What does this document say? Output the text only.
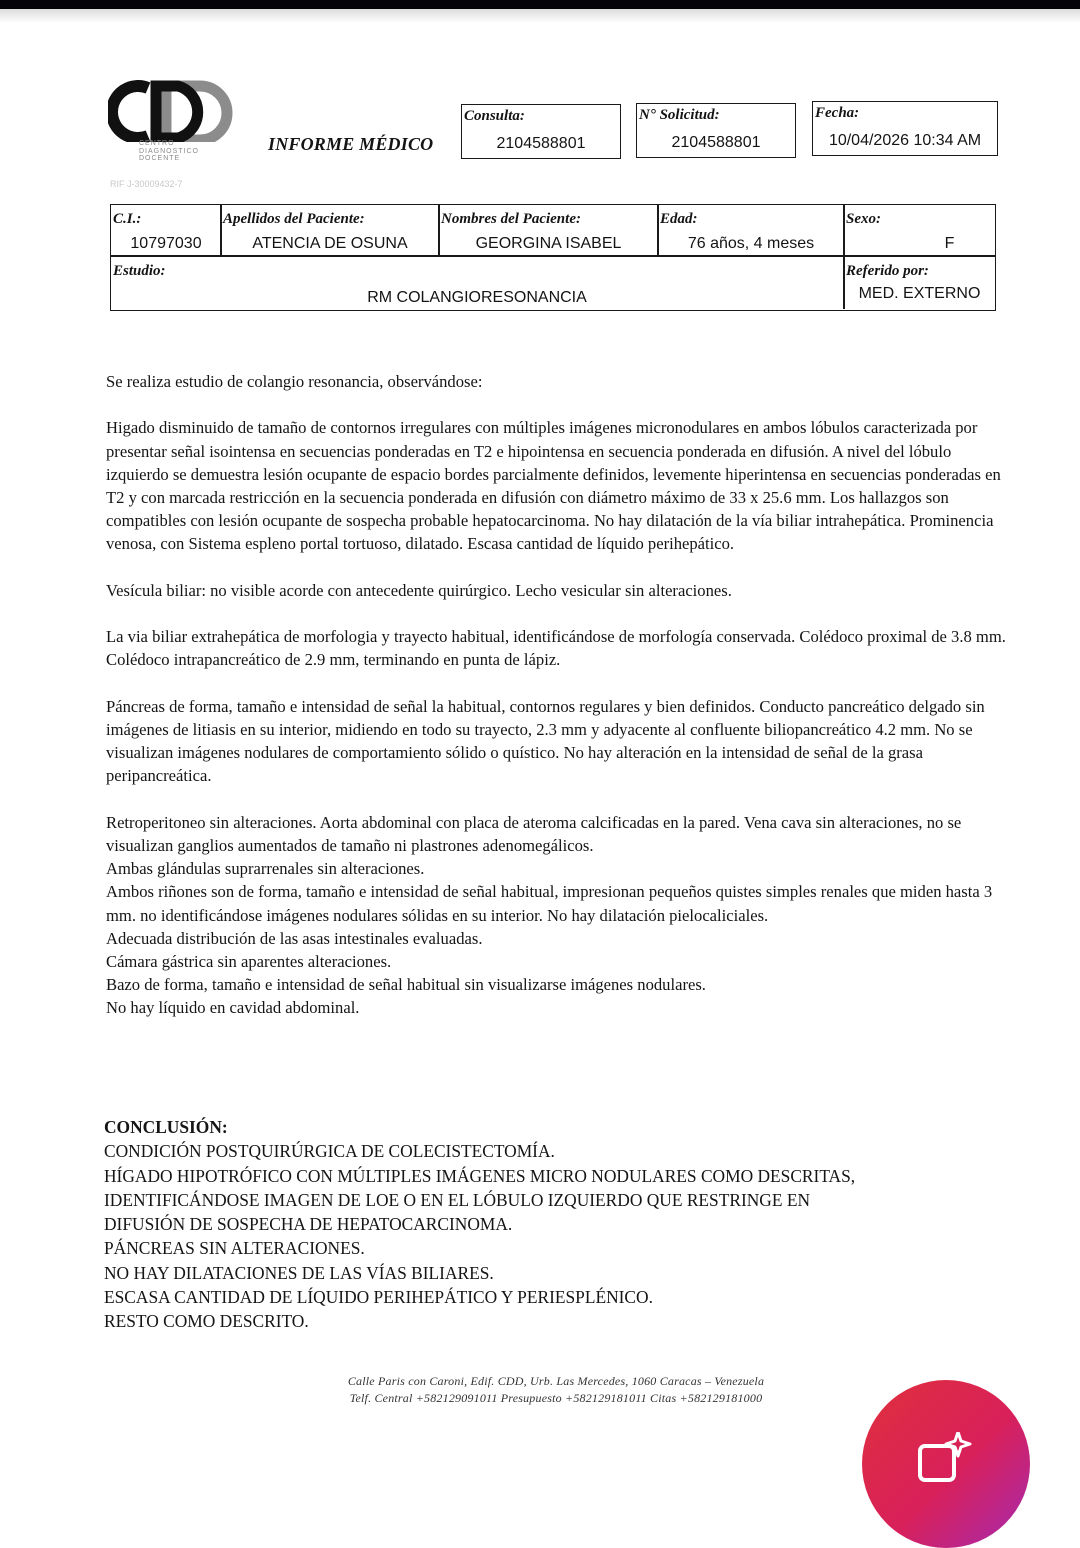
CENTRO
DIAGNOSTICO
DOCENTE
RIF J-30009432-7
INFORME MÉDICO
Consulta:
2104588801
N° Solicitud:
2104588801
Fecha:
10/04/2026 10:34 AM
C.I.:
10797030
Apellidos del Paciente:
ATENCIA DE OSUNA
Nombres del Paciente:
GEORGINA ISABEL
Edad:
76 años, 4 meses
Sexo:
F
Estudio:
RM COLANGIORESONANCIA
Referido por:
MED. EXTERNO

Se realiza estudio de colangio resonancia, observándose:

Higado disminuido de tamaño de contornos irregulares con múltiples imágenes micronodulares en ambos lóbulos caracterizada por presentar señal isointensa en secuencias ponderadas en T2 e hipointensa en secuencia ponderada en difusión. A nivel del lóbulo izquierdo se demuestra lesión ocupante de espacio bordes parcialmente definidos, levemente hiperintensa en secuencias ponderadas en T2 y con marcada restricción en la secuencia ponderada en difusión con diámetro máximo de 33 x 25.6 mm. Los hallazgos son compatibles con lesión ocupante de sospecha probable hepatocarcinoma. No hay dilatación de la vía biliar intrahepática. Prominencia venosa, con Sistema espleno portal tortuoso, dilatado. Escasa cantidad de líquido perihepático.

Vesícula biliar: no visible acorde con antecedente quirúrgico. Lecho vesicular sin alteraciones.

La via biliar extrahepática de morfologia y trayecto habitual, identificándose de morfología conservada. Colédoco proximal de 3.8 mm. Colédoco intrapancreático de 2.9 mm, terminando en punta de lápiz.

Páncreas de forma, tamaño e intensidad de señal la habitual, contornos regulares y bien definidos. Conducto pancreático delgado sin imágenes de litiasis en su interior, midiendo en todo su trayecto, 2.3 mm y adyacente al confluente biliopancreático 4.2 mm. No se visualizan imágenes nodulares de comportamiento sólido o quístico. No hay alteración en la intensidad de señal de la grasa peripancreática.

Retroperitoneo sin alteraciones. Aorta abdominal con placa de ateroma calcificadas en la pared. Vena cava sin alteraciones, no se visualizan ganglios aumentados de tamaño ni plastrones adenomegálicos.

Ambas glándulas suprarrenales sin alteraciones.

Ambos riñones son de forma, tamaño e intensidad de señal habitual, impresionan pequeños quistes simples renales que miden hasta 3 mm. no identificándose imágenes nodulares sólidas en su interior. No hay dilatación pielocaliciales.

Adecuada distribución de las asas intestinales evaluadas.

Cámara gástrica sin aparentes alteraciones.

Bazo de forma, tamaño e intensidad de señal habitual sin visualizarse imágenes nodulares.

No hay líquido en cavidad abdominal.

CONCLUSIÓN:

CONDICIÓN POSTQUIRÚRGICA DE COLECISTECTOMÍA.

HÍGADO HIPOTRÓFICO CON MÚLTIPLES IMÁGENES MICRO NODULARES COMO DESCRITAS,

IDENTIFICÁNDOSE IMAGEN DE LOE O EN EL LÓBULO IZQUIERDO QUE RESTRINGE EN

DIFUSIÓN DE SOSPECHA DE HEPATOCARCINOMA.

PÁNCREAS SIN ALTERACIONES.

NO HAY DILATACIONES DE LAS VÍAS BILIARES.

ESCASA CANTIDAD DE LÍQUIDO PERIHEPÁTICO Y PERIESPLÉNICO.

RESTO COMO DESCRITO.

Calle Paris con Caroni, Edif. CDD, Urb. Las Mercedes, 1060 Caracas – Venezuela
Telf. Central +582129091011 Presupuesto +582129181011 Citas +582129181000
